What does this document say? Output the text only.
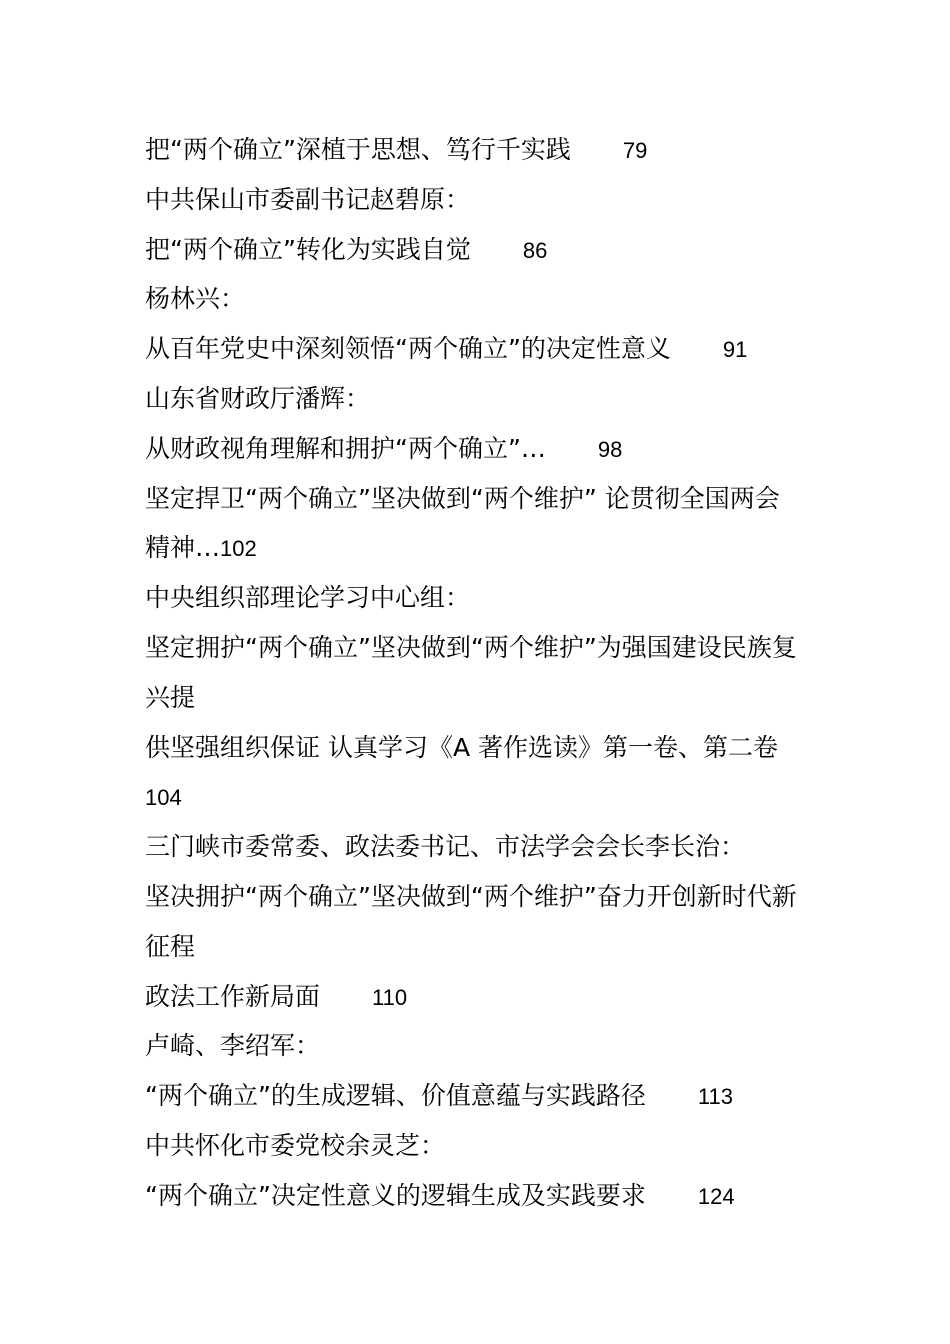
把“两个确立”深植于思想、笃行千实践 79
中共保山市委副书记赵碧原：
把“两个确立”转化为实践自觉 86
杨林兴：
从百年党史中深刻领悟“两个确立”的决定性意义 91
山东省财政厅潘辉：
从财政视角理解和拥护“两个确立”… 98
坚定捍卫“两个确立”坚决做到“两个维护” 论贯彻全国两会
精神…102
中央组织部理论学习中心组：
坚定拥护“两个确立”坚决做到“两个维护”为强国建设民族复
兴提
供坚强组织保证 认真学习《A 著作选读》第一卷、第二卷
104
三门峡市委常委、政法委书记、市法学会会长李长治：
坚决拥护“两个确立”坚决做到“两个维护”奋力开创新时代新
征程
政法工作新局面 110
卢崎、李绍军：
“两个确立”的生成逻辑、价值意蕴与实践路径 113
中共怀化市委党校余灵芝：
“两个确立”决定性意义的逻辑生成及实践要求 124
